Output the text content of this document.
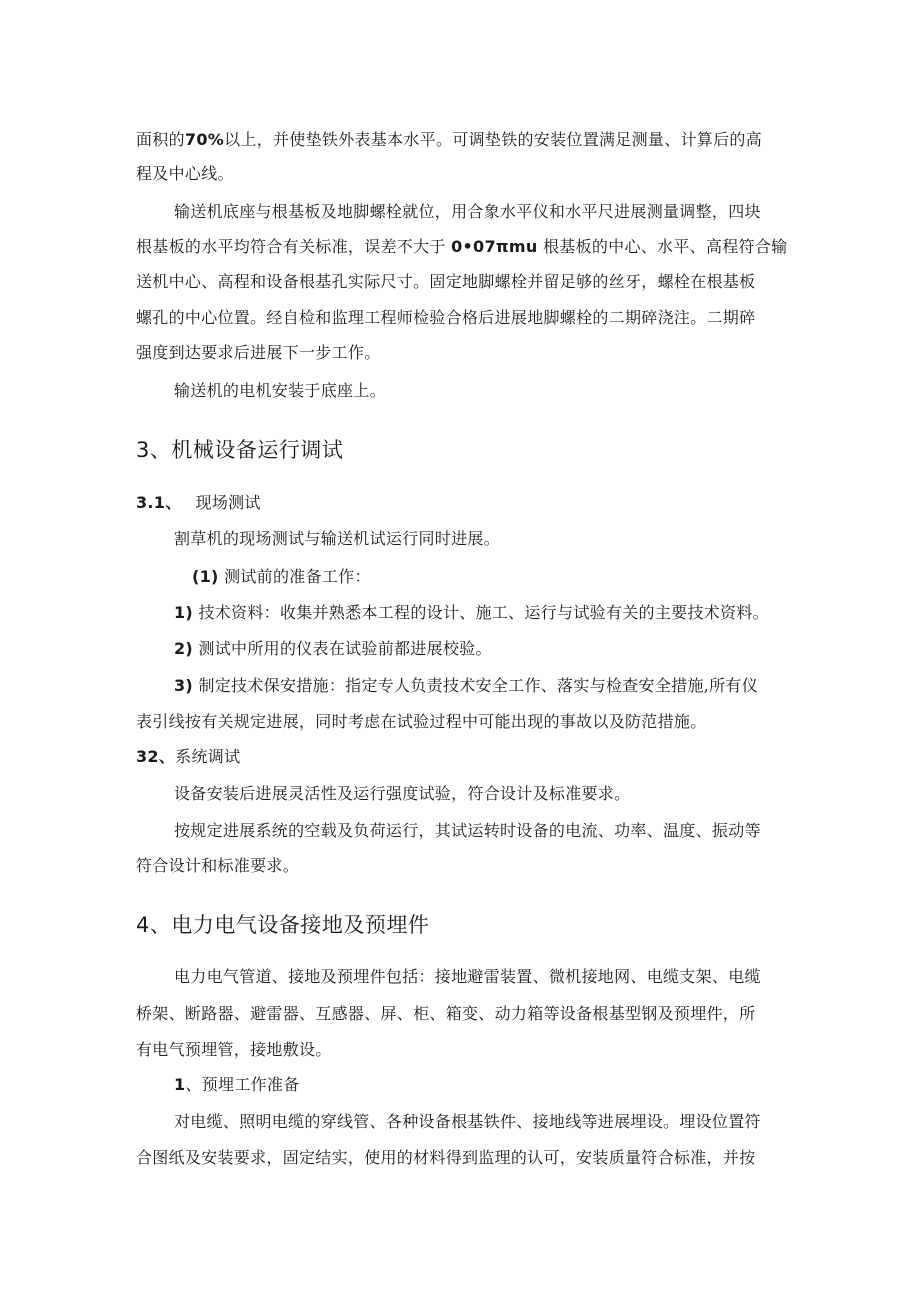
面积的70%以上，并使垫铁外表基本水平。可调垫铁的安装位置满足测量、计算后的高
程及中心线。
输送机底座与根基板及地脚螺栓就位，用合象水平仪和水平尺进展测量调整，四块
根基板的水平均符合有关标准，误差不大于 0•07πmu 根基板的中心、水平、高程符合输
送机中心、高程和设备根基孔实际尺寸。固定地脚螺栓并留足够的丝牙，螺栓在根基板
螺孔的中心位置。经自检和监理工程师检验合格后进展地脚螺栓的二期碎浇注。二期碎
强度到达要求后进展下一步工作。
输送机的电机安装于底座上。
3、机械设备运行调试
3.1、 现场测试
割草机的现场测试与输送机试运行同时进展。
(1) 测试前的准备工作：
1) 技术资料：收集并熟悉本工程的设计、施工、运行与试验有关的主要技术资料。
2) 测试中所用的仪表在试验前都进展校验。
3) 制定技术保安措施：指定专人负责技术安全工作、落实与检查安全措施,所有仪
表引线按有关规定进展，同时考虑在试验过程中可能出现的事故以及防范措施。
32、系统调试
设备安装后进展灵活性及运行强度试验，符合设计及标准要求。
按规定进展系统的空载及负荷运行，其试运转时设备的电流、功率、温度、振动等
符合设计和标准要求。
4、电力电气设备接地及预埋件
电力电气管道、接地及预埋件包括：接地避雷装置、微机接地网、电缆支架、电缆
桥架、断路器、避雷器、互感器、屏、柜、箱变、动力箱等设备根基型钢及预埋件，所
有电气预埋管，接地敷设。
1、预埋工作准备
对电缆、照明电缆的穿线管、各种设备根基铁件、接地线等进展埋设。埋设位置符
合图纸及安装要求，固定结实，使用的材料得到监理的认可，安装质量符合标准，并按
